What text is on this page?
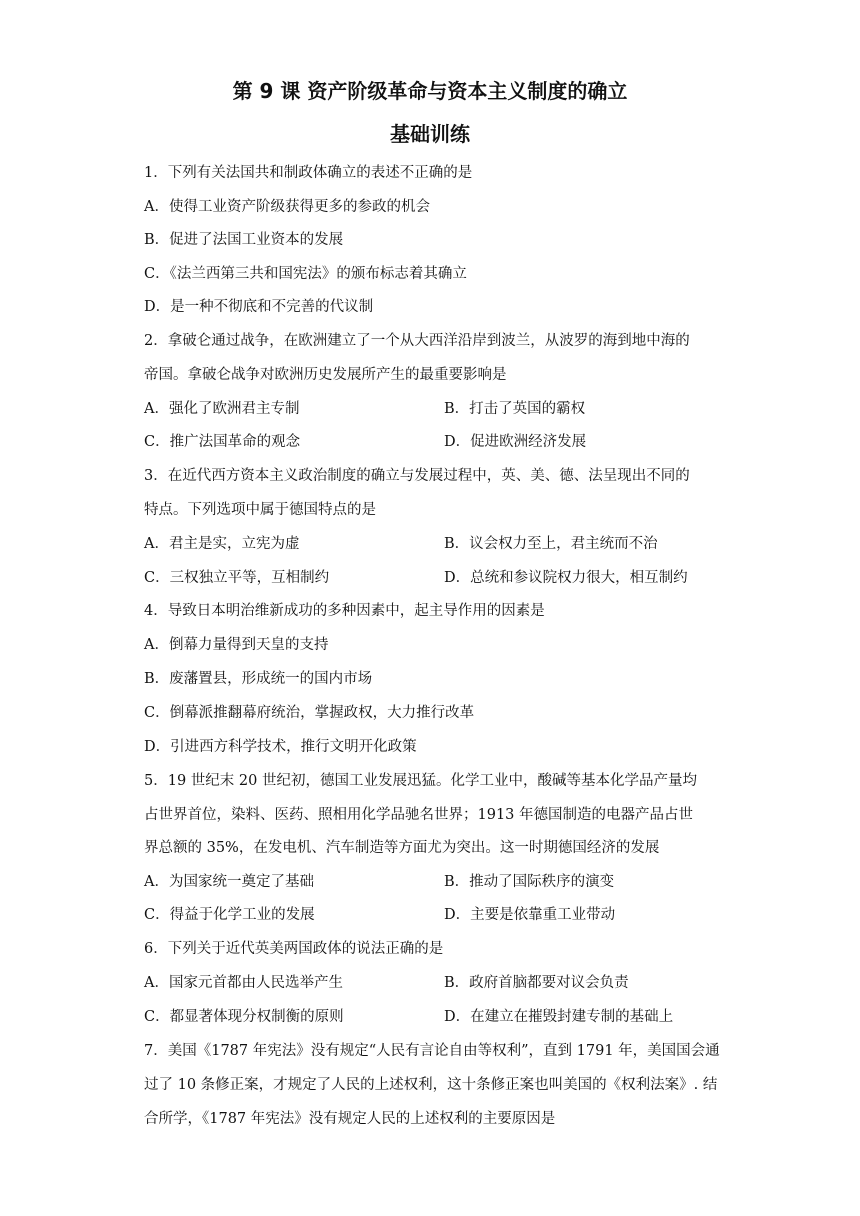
第 9 课 资产阶级革命与资本主义制度的确立
基础训练
1．下列有关法国共和制政体确立的表述不正确的是
A．使得工业资产阶级获得更多的参政的机会
B．促进了法国工业资本的发展
C．《法兰西第三共和国宪法》的颁布标志着其确立
D．是一种不彻底和不完善的代议制
2．拿破仑通过战争，在欧洲建立了一个从大西洋沿岸到波兰，从波罗的海到地中海的
帝国。拿破仑战争对欧洲历史发展所产生的最重要影响是
A．强化了欧洲君主专制	B．打击了英国的霸权
C．推广法国革命的观念	D．促进欧洲经济发展
3．在近代西方资本主义政治制度的确立与发展过程中，英、美、德、法呈现出不同的
特点。下列选项中属于德国特点的是
A．君主是实，立宪为虚	B．议会权力至上，君主统而不治
C．三权独立平等，互相制约	D．总统和参议院权力很大，相互制约
4．导致日本明治维新成功的多种因素中，起主导作用的因素是
A．倒幕力量得到天皇的支持
B．废藩置县，形成统一的国内市场
C．倒幕派推翻幕府统治，掌握政权，大力推行改革
D．引进西方科学技术，推行文明开化政策
5．19 世纪末 20 世纪初，德国工业发展迅猛。化学工业中，酸碱等基本化学品产量均
占世界首位，染料、医药、照相用化学品驰名世界；1913 年德国制造的电器产品占世
界总额的 35%，在发电机、汽车制造等方面尤为突出。这一时期德国经济的发展
A．为国家统一奠定了基础	B．推动了国际秩序的演变
C．得益于化学工业的发展	D．主要是依靠重工业带动
6．下列关于近代英美两国政体的说法正确的是
A．国家元首都由人民选举产生	B．政府首脑都要对议会负责
C．都显著体现分权制衡的原则	D．在建立在摧毁封建专制的基础上
7．美国《1787 年宪法》没有规定“人民有言论自由等权利”，直到 1791 年，美国国会通
过了 10 条修正案，才规定了人民的上述权利，这十条修正案也叫美国的《权利法案》. 结
合所学，《1787 年宪法》没有规定人民的上述权利的主要原因是
